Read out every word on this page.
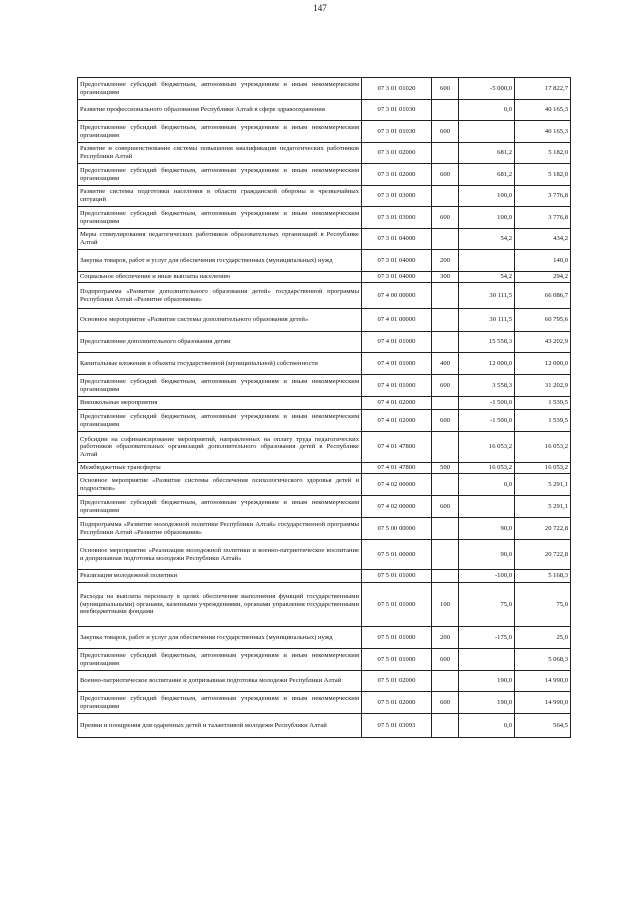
147
Предоставление субсидий бюджетным, автономным учреждениям и иным некоммерческим организациям	07 3 01 01020	600	-5 000,0	17 822,7
Развитие профессионального образования Республики Алтай в сфере здравоохранения	07 3 01 01030		0,0	40 165,3
Предоставление субсидий бюджетным, автономным учреждениям и иным некоммерческим организациям	07 3 01 01030	600		40 165,3
Развитие и совершенствование системы повышения квалификации педагогических работников Республики Алтай	07 3 01 02000		681,2	5 182,0
Предоставление субсидий бюджетным, автономным учреждениям и иным некоммерческим организациям	07 3 01 02000	600	681,2	5 182,0
Развитие системы подготовки населения в области гражданской обороны и чрезвычайных ситуаций	07 3 01 03000		100,0	3 776,8
Предоставление субсидий бюджетным, автономным учреждениям и иным некоммерческим организациям	07 3 01 03000	600	100,0	3 776,8
Меры стимулирования педагогических работников образовательных организаций в Республике Алтай	07 3 01 04000		54,2	434,2
Закупка товаров, работ и услуг для обеспечения государственных (муниципальных) нужд	07 3 01 04000	200		140,0
Социальное обеспечение и иные выплаты населению	07 3 01 04000	300	54,2	294,2
Подпрограмма «Развитие дополнительного образования детей» государственной программы Республики Алтай «Развитие образования»	07 4 00 00000		30 111,5	66 086,7
Основное мероприятие «Развитие системы дополнительного образования детей»	07 4 01 00000		30 111,5	60 795,6
Предоставление дополнительного образования детям	07 4 01 01000		15 558,3	43 202,9
Капитальные вложения в объекты государственной (муниципальной) собственности	07 4 01 01000	400	12 000,0	12 000,0
Предоставление субсидий бюджетным, автономным учреждениям и иным некоммерческим организациям	07 4 01 01000	600	3 558,3	31 202,9
Внешкольные мероприятия	07 4 01 02000		-1 500,0	1 539,5
Предоставление субсидий бюджетным, автономным учреждениям и иным некоммерческим организациям	07 4 01 02000	600	-1 500,0	1 539,5
Субсидии на софинансирование мероприятий, направленных на оплату труда педагогических работников образовательных организаций дополнительного образования детей в Республике Алтай	07 4 01 47800		16 053,2	16 053,2
Межбюджетные трансферты	07 4 01 47800	500	16 053,2	16 053,2
Основное мероприятие «Развитие системы обеспечения психологического здоровья детей и подростков»	07 4 02 00000		0,0	5 291,1
Предоставление субсидий бюджетным, автономным учреждениям и иным некоммерческим организациям	07 4 02 00000	600		5 291,1
Подпрограмма «Развитие молодежной политики Республики Алтай» государственной программы Республики Алтай «Развитие образования»	07 5 00 00000		90,0	20 722,8
Основное мероприятие «Реализация молодежной политики и военно-патриотическое воспитание и допризывная подготовка молодежи Республики Алтай»	07 5 01 00000		90,0	20 722,8
Реализация молодежной политики	07 5 01 01000		-100,0	5 168,3
Расходы на выплаты персоналу в целях обеспечения выполнения функций государственными (муниципальными) органами, казенными учреждениями, органами управления государственными внебюджетными фондами	07 5 01 01000	100	75,0	75,0
Закупка товаров, работ и услуг для обеспечения государственных (муниципальных) нужд	07 5 01 01000	200	-175,0	25,0
Предоставление субсидий бюджетным, автономным учреждениям и иным некоммерческим организациям	07 5 01 01000	600		5 068,3
Военно-патриотическое воспитание и допризывная подготовка молодежи Республики Алтай	07 5 01 02000		190,0	14 990,0
Предоставление субсидий бюджетным, автономным учреждениям и иным некоммерческим организациям	07 5 01 02000	600	190,0	14 990,0
Премии и поощрения для одаренных детей и талантливой молодежи Республики Алтай	07 5 01 03093		0,0	564,5
